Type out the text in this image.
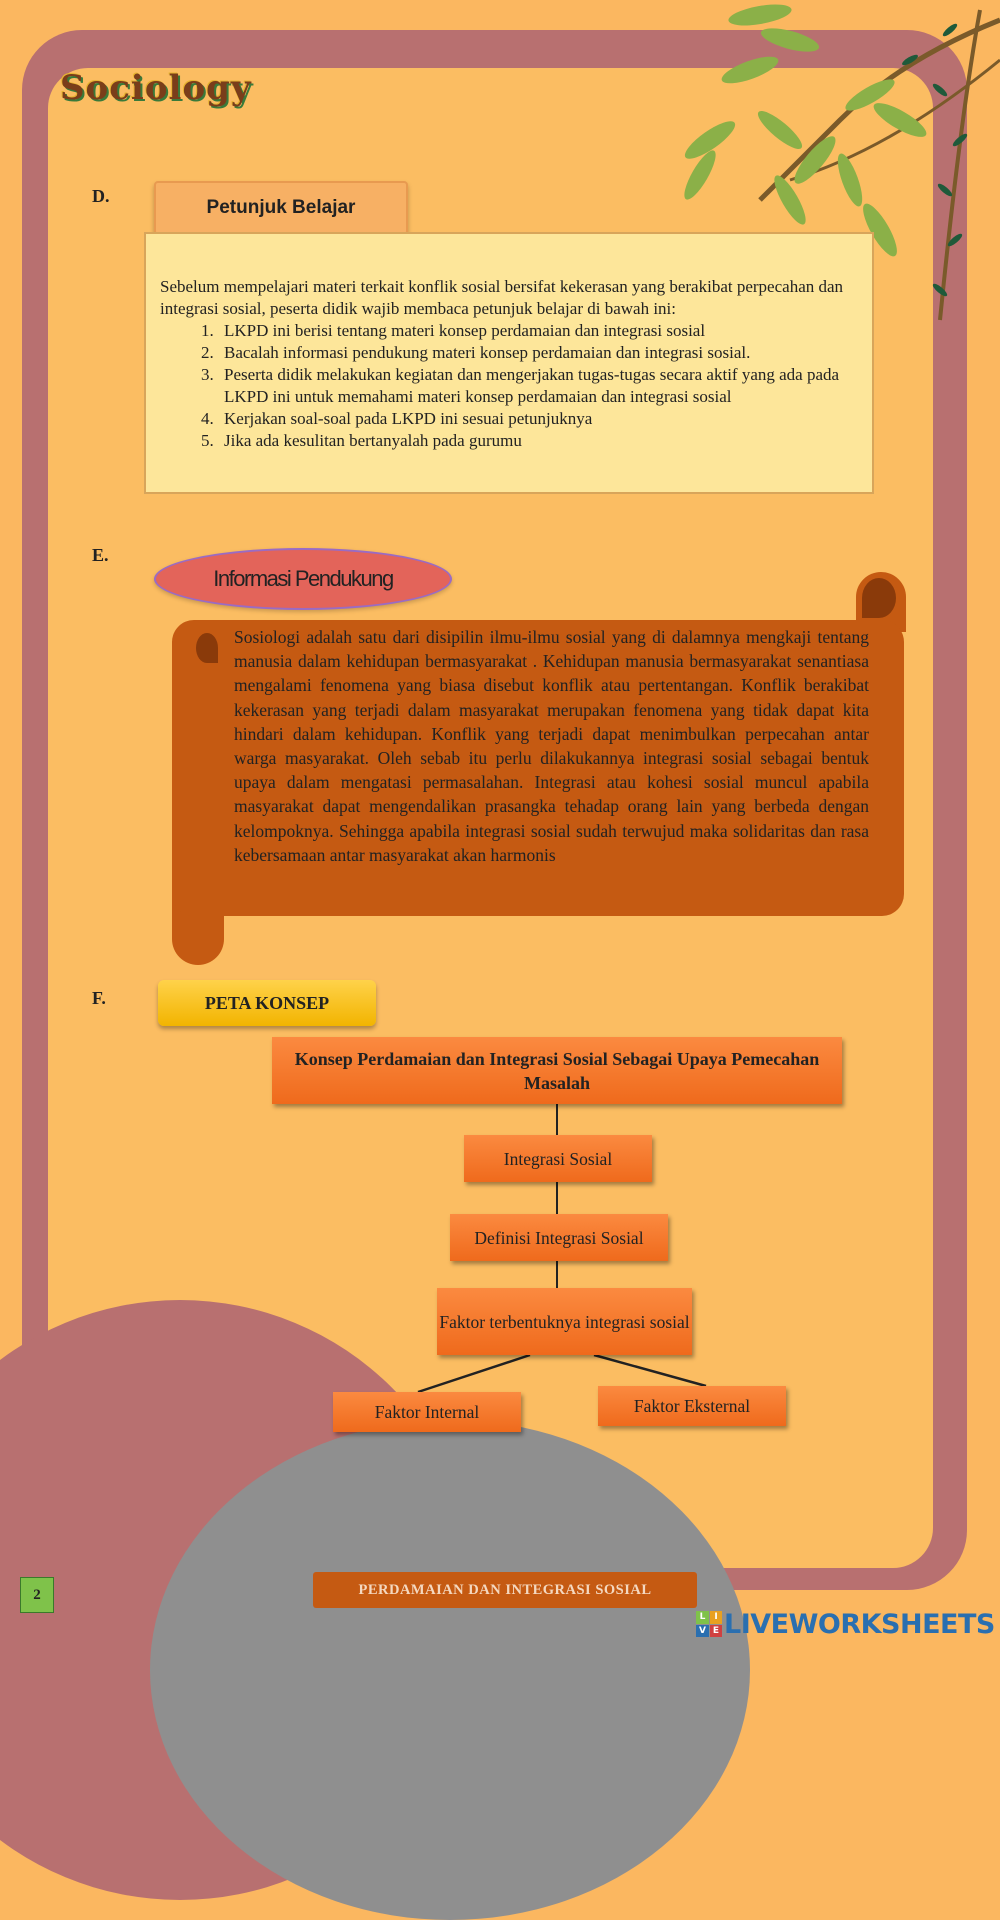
Sociology
D.
Petunjuk Belajar
Sebelum mempelajari materi terkait konflik sosial bersifat kekerasan yang berakibat perpecahan dan integrasi sosial, peserta didik wajib membaca petunjuk belajar di bawah ini:
1. LKPD ini berisi tentang materi konsep perdamaian dan integrasi sosial
2. Bacalah informasi pendukung materi konsep perdamaian dan integrasi sosial.
3. Peserta didik melakukan kegiatan dan mengerjakan tugas-tugas secara aktif yang ada pada LKPD ini untuk memahami materi konsep perdamaian dan integrasi sosial
4. Kerjakan soal-soal pada LKPD ini sesuai petunjuknya
5. Jika ada kesulitan bertanyalah pada gurumu
E.
Informasi Pendukung
Sosiologi adalah satu dari disipilin ilmu-ilmu sosial yang di dalamnya mengkaji tentang manusia dalam kehidupan bermasyarakat . Kehidupan manusia bermasyarakat senantiasa mengalami fenomena yang biasa disebut konflik atau pertentangan. Konflik berakibat kekerasan yang terjadi dalam masyarakat merupakan fenomena yang tidak dapat kita hindari dalam kehidupan. Konflik yang terjadi dapat menimbulkan perpecahan antar warga masyarakat. Oleh sebab itu perlu dilakukannya integrasi sosial sebagai bentuk upaya dalam mengatasi permasalahan. Integrasi atau kohesi sosial muncul apabila masyarakat dapat mengendalikan prasangka tehadap orang lain yang berbeda dengan kelompoknya. Sehingga apabila integrasi sosial sudah terwujud maka solidaritas dan rasa kebersamaan antar masyarakat akan harmonis
F.	PETA KONSEP
Konsep Perdamaian dan Integrasi Sosial Sebagai Upaya Pemecahan Masalah
Integrasi Sosial
Definisi Integrasi Sosial
Faktor terbentuknya integrasi sosial
Faktor Internal	Faktor Eksternal
2	PERDAMAIAN DAN INTEGRASI SOSIAL
L	I
V E LIVEWORKSHEETS
